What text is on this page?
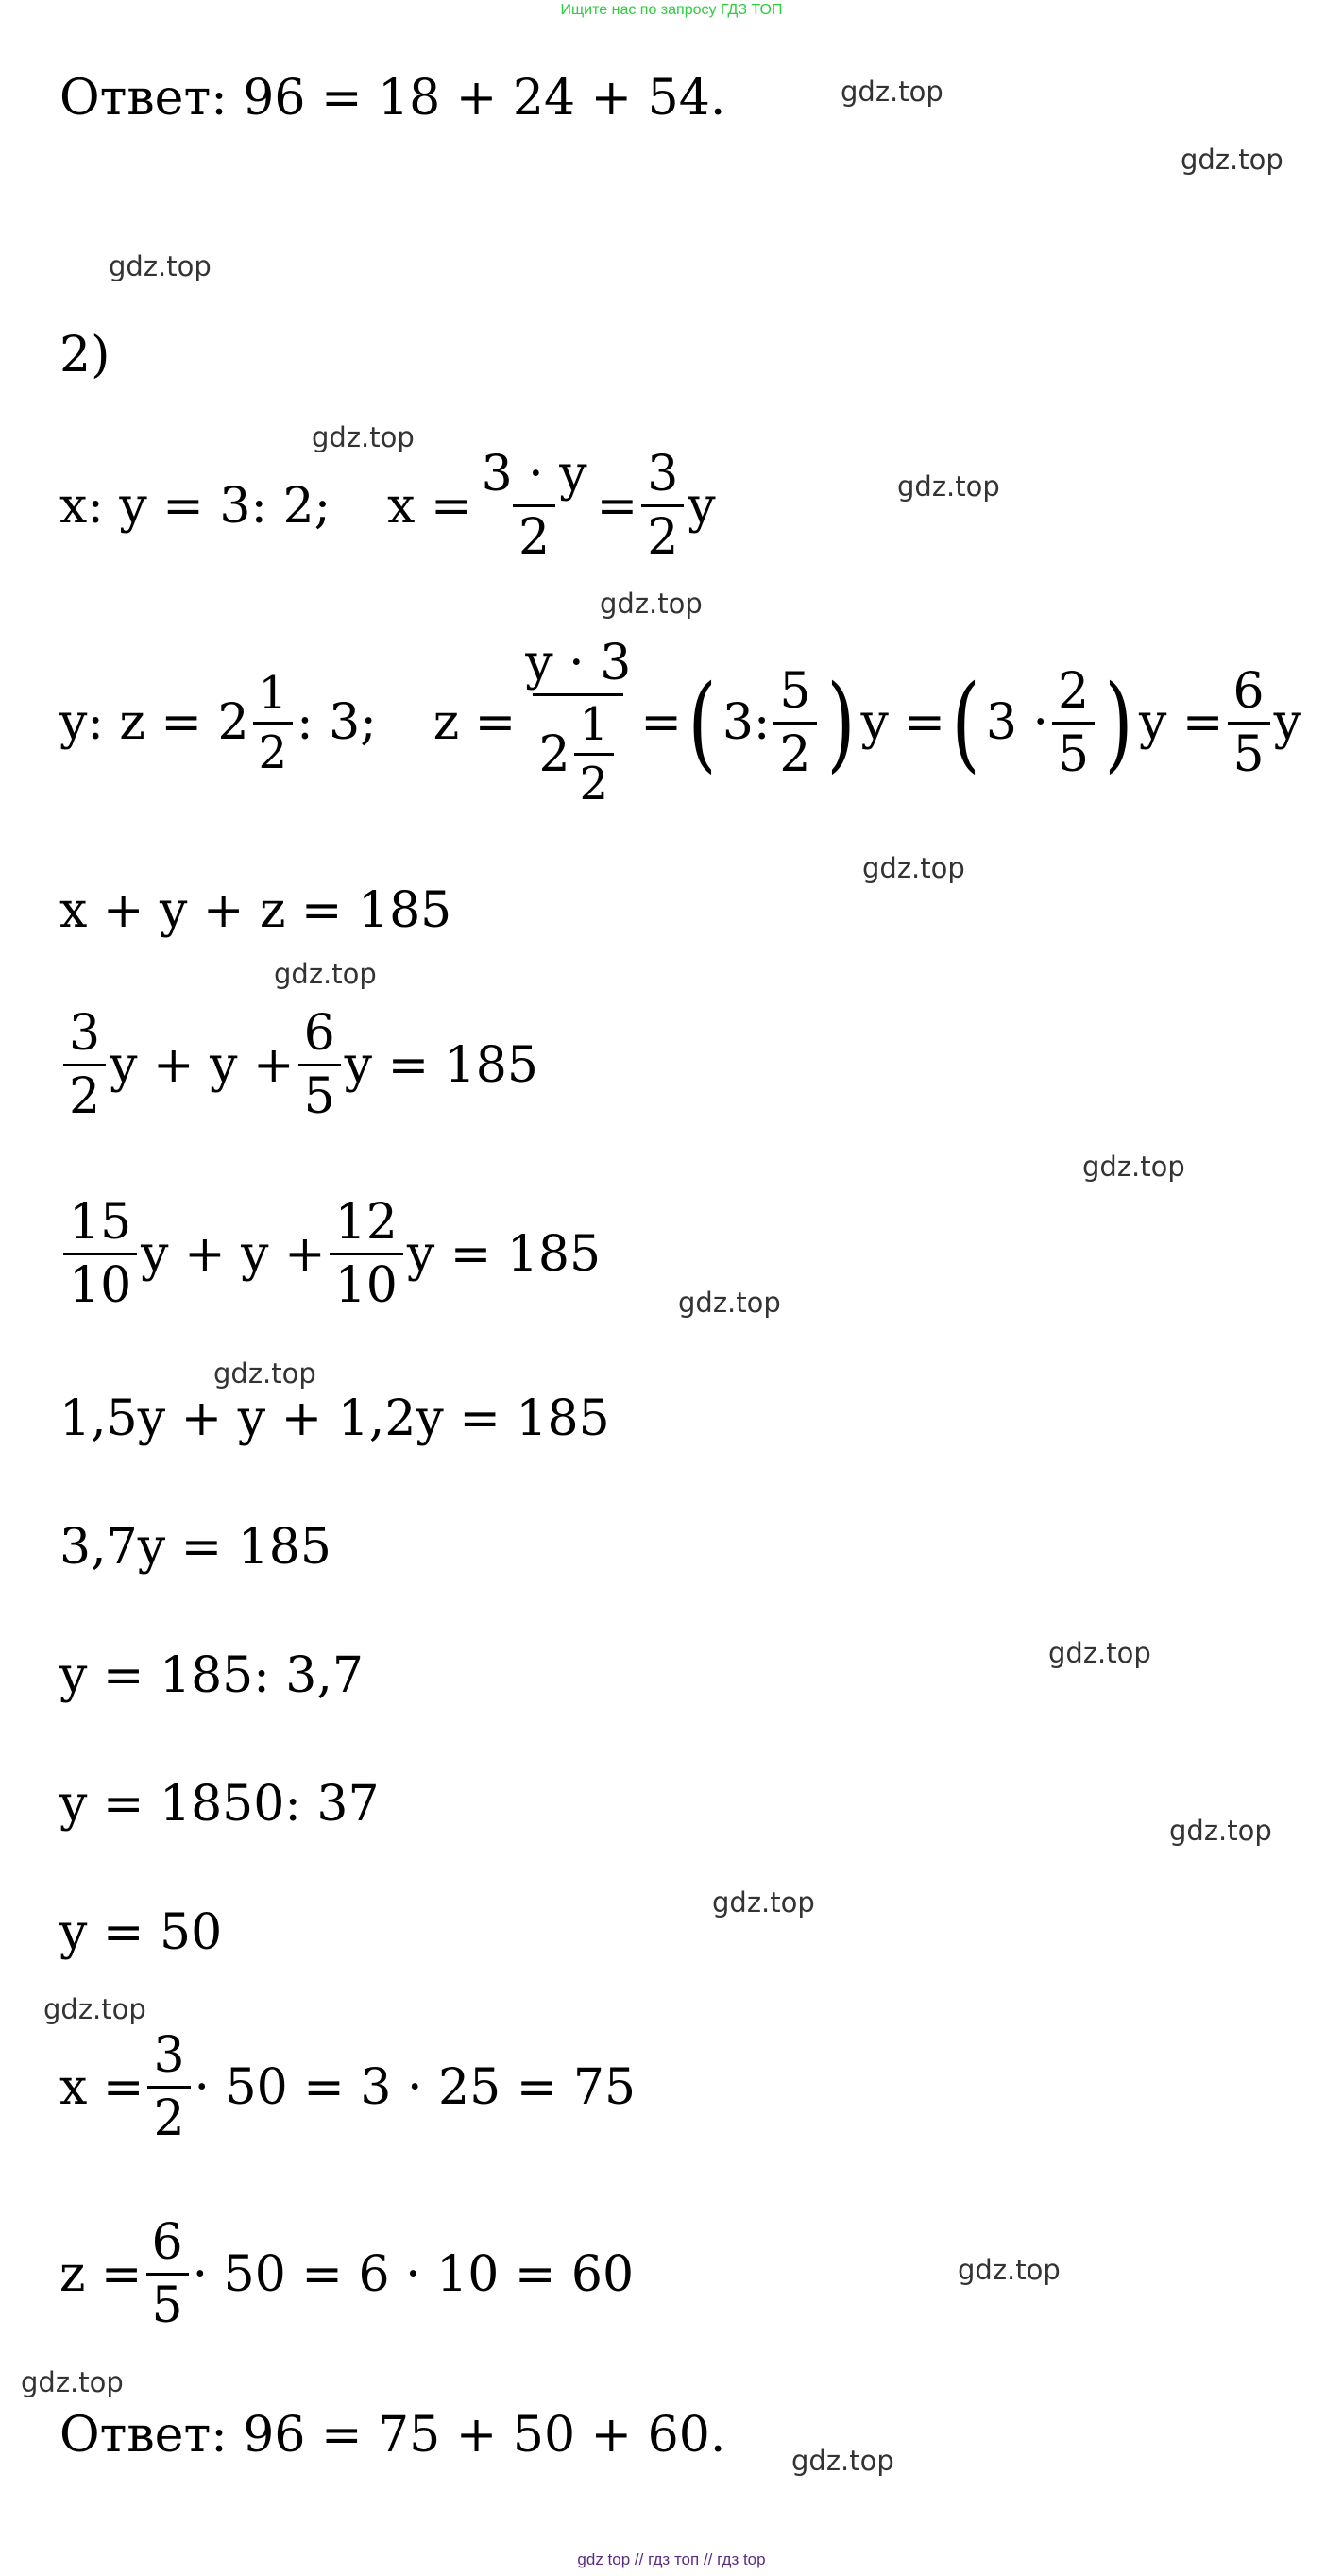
Ищите нас по запросу ГДЗ ТОП
gdz.top
gdz.top
gdz.top
gdz.top
gdz.top
gdz.top
gdz.top
gdz.top
gdz.top
gdz.top
gdz.top
gdz.top
gdz.top
gdz.top
gdz.top
gdz.top
gdz.top
gdz.top
Ответ: 96 = 18 + 24 + 54.
2)
x: y = 3: 2; $x = \frac{3 \cdot y}{2} = \frac{3}{2}$ y
y: $z = 2 \frac{1}{2}$ : 3; $z = \frac{y \cdot 3}{2 \frac{1}{2}}$ = ( 3: $\frac{5}{2}$ ) y = ( $3 \cdot \frac{2}{5}$ ) $y = \frac{6}{5}$ y
x + y + z = 185
$\frac{3}{2}$ $y + y + \frac{6}{5}$ y = 185
$\frac{15}{10}$ $y + y + \frac{12}{10}$ y = 185
1,5y + y + 1,2y = 185
3,7y = 185
y = 185: 3,7
y = 1850: 37
y = 50
$x = \frac{3}{2} \cdot 50 = 3 \cdot 25 = 75$
$z = \frac{6}{5} \cdot 50 = 6 \cdot 10 = 60$
Ответ: 96 = 75 + 50 + 60.
gdz top // гдз топ // гдз top
